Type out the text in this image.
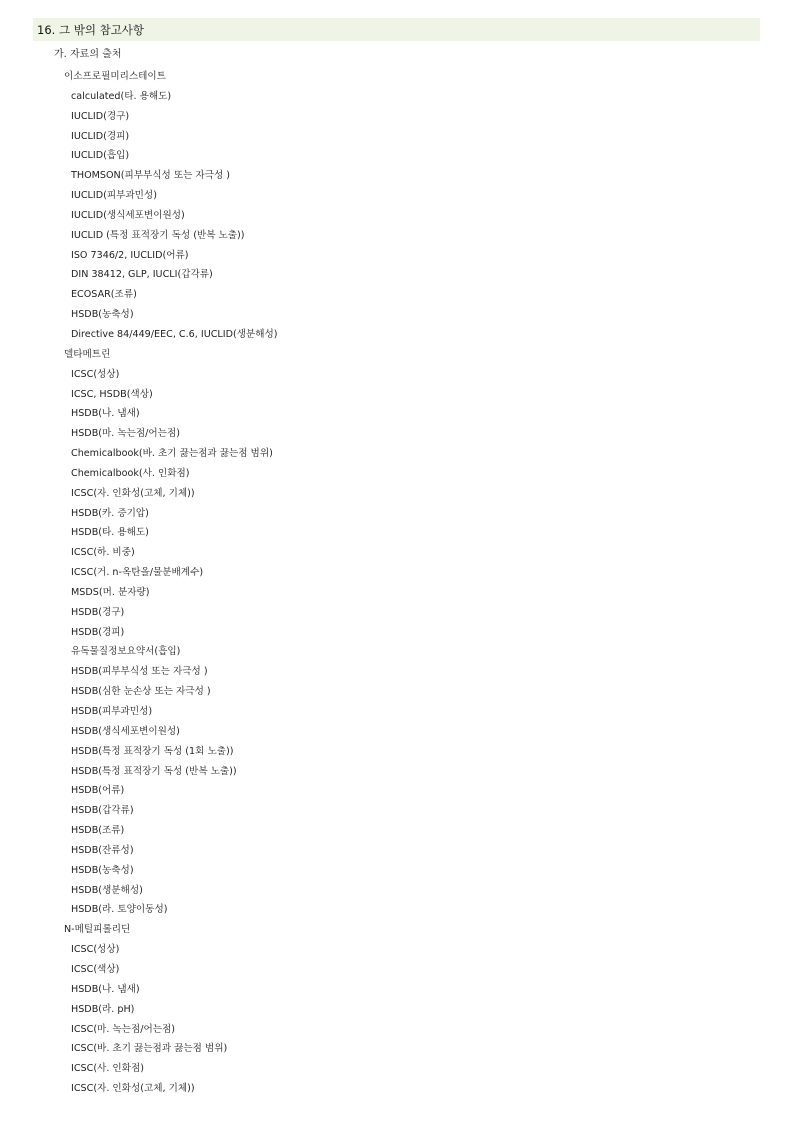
16. 그 밖의 참고사항
가. 자료의 출처
이소프로필미리스테이트
calculated(타. 용해도)
IUCLID(경구)
IUCLID(경피)
IUCLID(흡입)
THOMSON(피부부식성 또는 자극성 )
IUCLID(피부과민성)
IUCLID(생식세포변이원성)
IUCLID (특정 표적장기 독성 (반복 노출))
ISO 7346/2, IUCLID(어류)
DIN 38412, GLP, IUCLI(갑각류)
ECOSAR(조류)
HSDB(농축성)
Directive 84/449/EEC, C.6, IUCLID(생분해성)
델타메트린
ICSC(성상)
ICSC, HSDB(색상)
HSDB(나. 냄새)
HSDB(마. 녹는점/어는점)
Chemicalbook(바. 초기 끓는점과 끓는점 범위)
Chemicalbook(사. 인화점)
ICSC(자. 인화성(고체, 기체))
HSDB(카. 증기압)
HSDB(타. 용해도)
ICSC(하. 비중)
ICSC(거. n-옥탄올/물분배계수)
MSDS(머. 분자량)
HSDB(경구)
HSDB(경피)
유독물질정보요약서(흡입)
HSDB(피부부식성 또는 자극성 )
HSDB(심한 눈손상 또는 자극성 )
HSDB(피부과민성)
HSDB(생식세포변이원성)
HSDB(특정 표적장기 독성 (1회 노출))
HSDB(특정 표적장기 독성 (반복 노출))
HSDB(어류)
HSDB(갑각류)
HSDB(조류)
HSDB(잔류성)
HSDB(농축성)
HSDB(생분해성)
HSDB(라. 토양이동성)
N-메틸피롤리딘
ICSC(성상)
ICSC(색상)
HSDB(나. 냄새)
HSDB(라. pH)
ICSC(마. 녹는점/어는점)
ICSC(바. 초기 끓는점과 끓는점 범위)
ICSC(사. 인화점)
ICSC(자. 인화성(고체, 기체))
